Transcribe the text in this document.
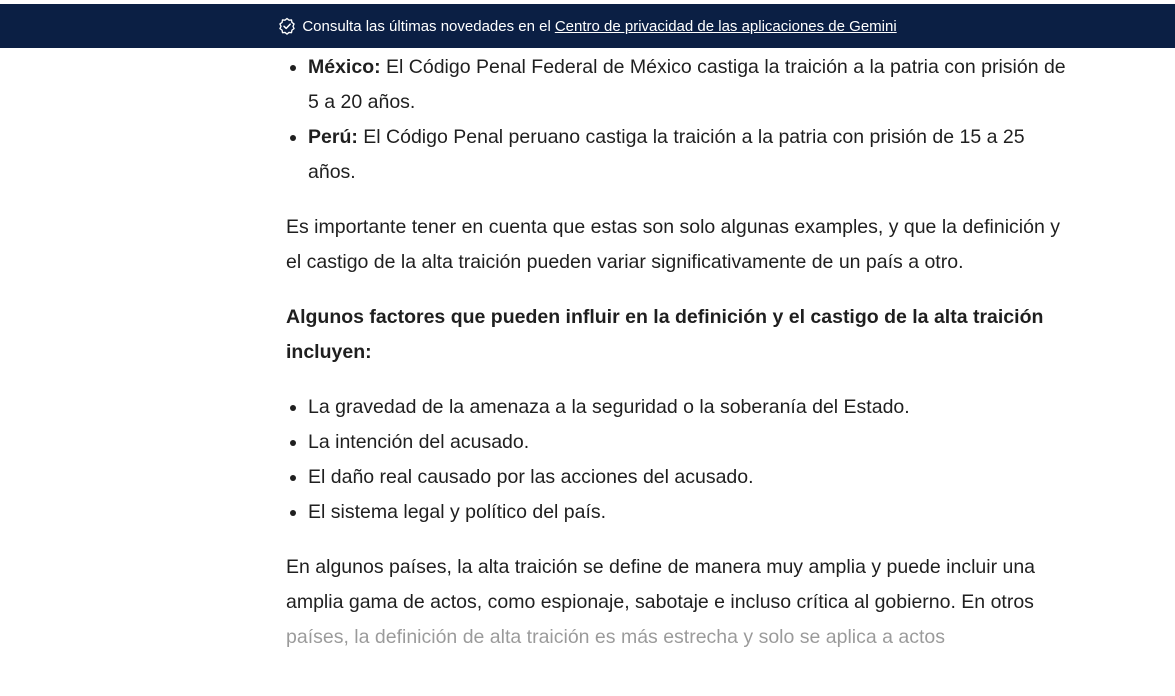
Consulta las últimas novedades en el Centro de privacidad de las aplicaciones de Gemini
• México: El Código Penal Federal de México castiga la traición a la patria con prisión de 5 a 20 años.
• Perú: El Código Penal peruano castiga la traición a la patria con prisión de 15 a 25 años.

Es importante tener en cuenta que estas son solo algunas examples, y que la definición y el castigo de la alta traición pueden variar significativamente de un país a otro.

Algunos factores que pueden influir en la definición y el castigo de la alta traición incluyen:

• La gravedad de la amenaza a la seguridad o la soberanía del Estado.
• La intención del acusado.
• El daño real causado por las acciones del acusado.
• El sistema legal y político del país.

En algunos países, la alta traición se define de manera muy amplia y puede incluir una amplia gama de actos, como espionaje, sabotaje e incluso crítica al gobierno. En otros países, la definición de alta traición es más estrecha y solo se aplica a actos
